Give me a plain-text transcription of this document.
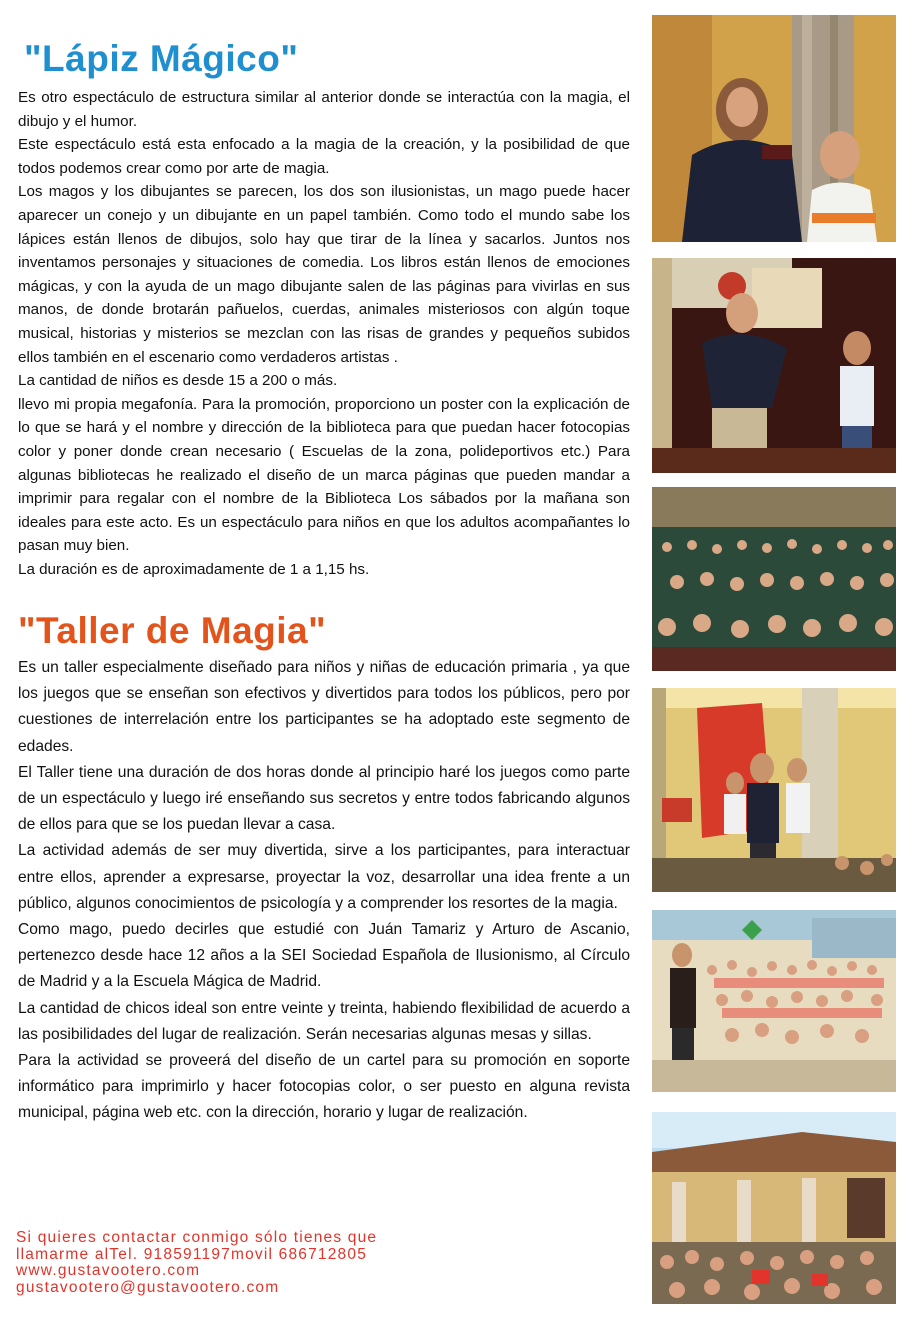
"Lápiz Mágico"

Es otro espectáculo de estructura similar al anterior donde se interactúa con la magia, el dibujo y el humor.

Este espectáculo está esta enfocado a la magia de la creación, y la posibilidad de que todos podemos crear como por arte de magia.

Los magos y los dibujantes se parecen, los dos son ilusionistas, un mago puede hacer aparecer un conejo y un dibujante en un papel también. Como todo el mundo sabe los lápices están llenos de dibujos, solo hay que tirar de la línea y sacarlos. Juntos nos inventamos personajes y situaciones de comedia. Los libros están llenos de emociones mágicas, y con la ayuda de un mago dibujante salen de las páginas para vivirlas en sus manos, de donde brotarán pañuelos, cuerdas, animales misteriosos con algún toque musical, historias y misterios se mezclan con las risas de grandes y pequeños subidos ellos también en el escenario como verdaderos artistas .

La cantidad de niños es desde 15 a 200 o más.

llevo mi propia megafonía. Para la promoción, proporciono un poster con la explicación de lo que se hará y el nombre y dirección de la biblioteca para que puedan hacer fotocopias color y poner donde crean necesario ( Escuelas de la zona, polideportivos etc.) Para algunas bibliotecas he realizado el diseño de un marca páginas que pueden mandar a imprimir para regalar con el nombre de la Biblioteca Los sábados por la mañana son ideales para este acto. Es un espectáculo para niños en que los adultos acompañantes lo pasan muy bien.

La duración es de aproximadamente de 1 a 1,15 hs.

"Taller de Magia"

Es un taller especialmente diseñado para niños y niñas de educación primaria , ya que los juegos que se enseñan son efectivos y divertidos para todos los públicos, pero por cuestiones de interrelación entre los participantes se ha adoptado este segmento de edades.

El Taller tiene una duración de dos horas donde al principio haré los juegos como parte de un espectáculo y luego iré enseñando sus secretos y entre todos fabricando algunos de ellos para que se los puedan llevar a casa.

La actividad además de ser muy divertida, sirve a los participantes, para interactuar entre ellos, aprender a expresarse, proyectar la voz, desarrollar una idea frente a un público, algunos conocimientos de psicología y a comprender los resortes de la magia.

Como mago, puedo decirles que estudié con Juán Tamariz y Arturo de Ascanio, pertenezco desde hace 12 años a la SEI Sociedad Española de Ilusionismo, al Círculo de Madrid y a la Escuela Mágica de Madrid.

La cantidad de chicos ideal son entre veinte y treinta, habiendo flexibilidad de acuerdo a las posibilidades del lugar de realización. Serán necesarias algunas mesas y sillas.

Para la actividad se proveerá del diseño de un cartel para su promoción en soporte informático para imprimirlo y hacer fotocopias color, o ser puesto en alguna revista municipal, página web etc. con la dirección, horario y lugar de realización.

Si quieres contactar conmigo sólo tienes que
llamarme alTel. 918591197movil 686712805
www.gustavootero.com
gustavootero@gustavootero.com
